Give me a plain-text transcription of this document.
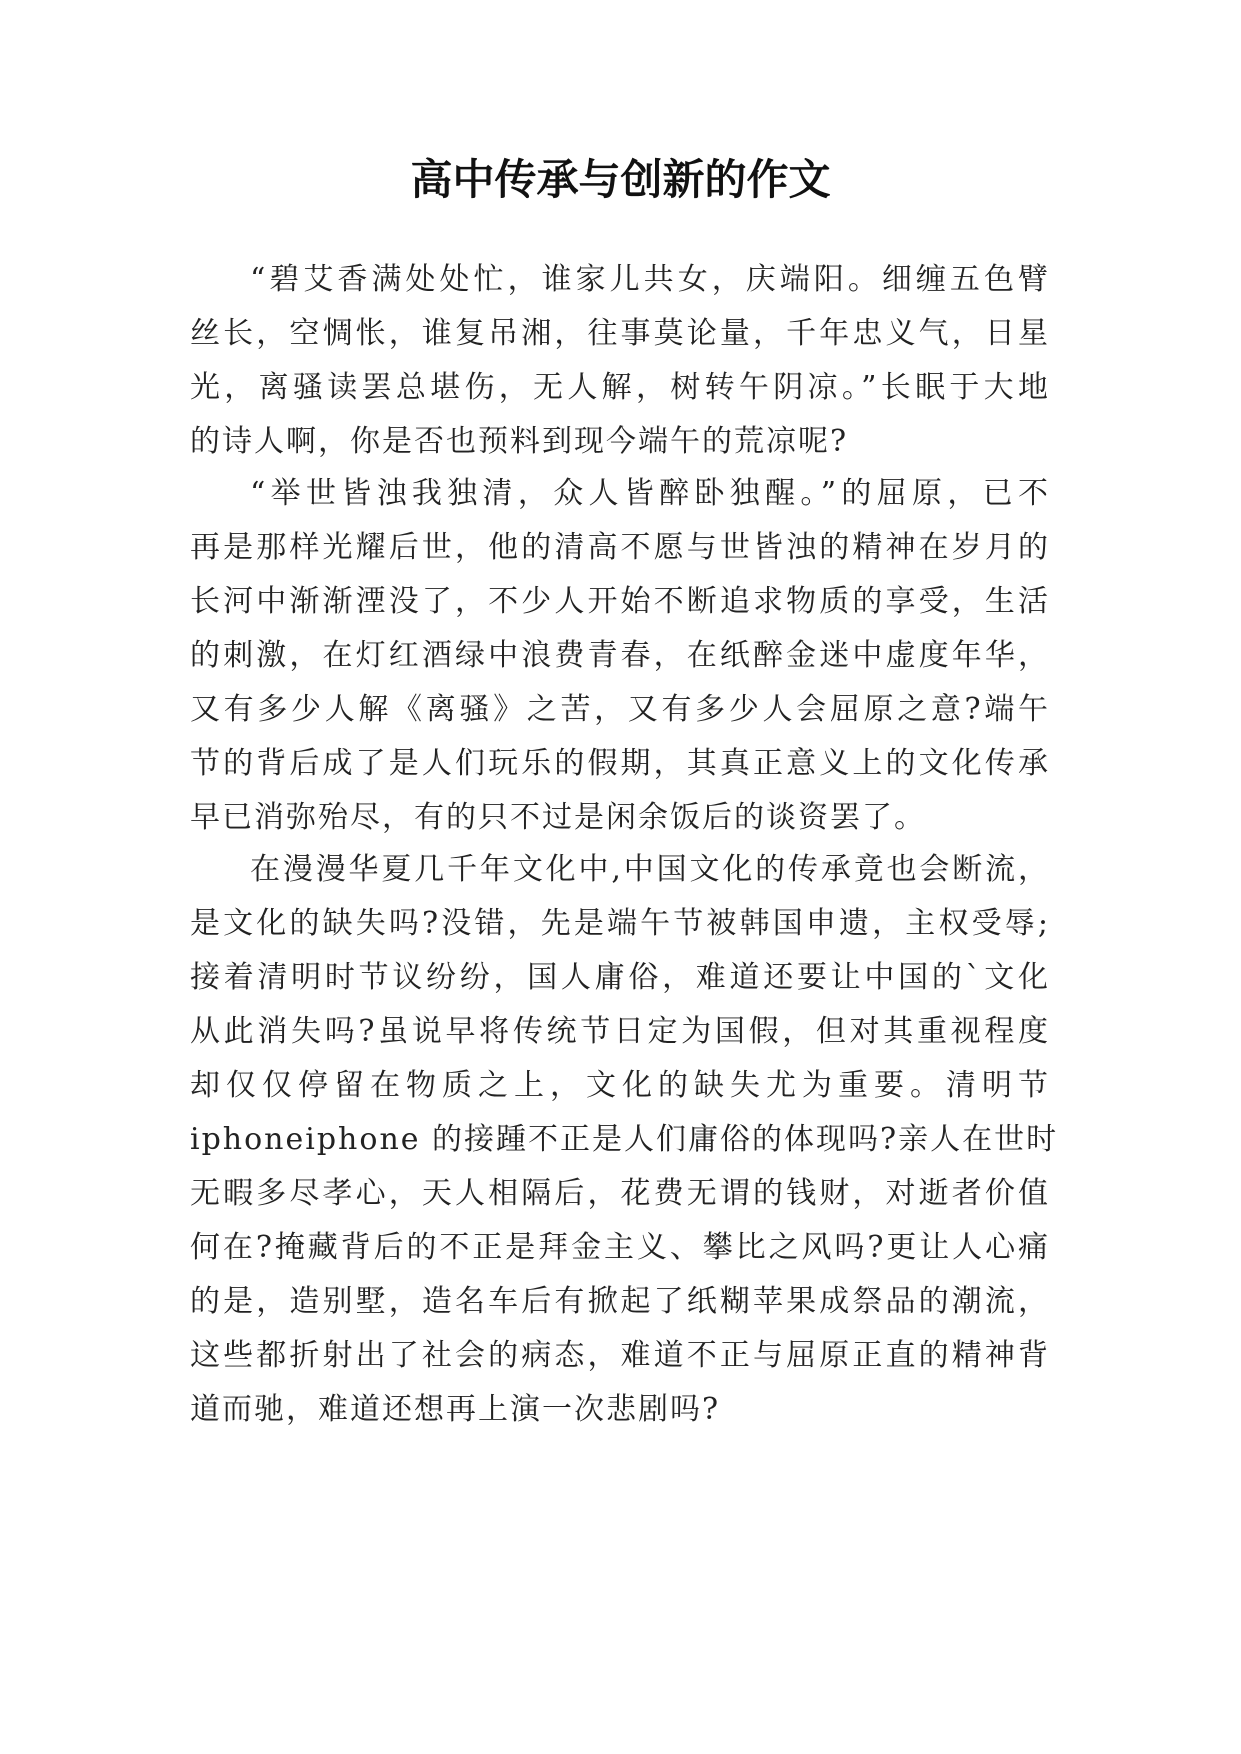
高中传承与创新的作文

“碧艾香满处处忙，谁家儿共女，庆端阳。细缠五色臂

丝长，空惆怅，谁复吊湘，往事莫论量，千年忠义气，日星

光，离骚读罢总堪伤，无人解，树转午阴凉。”长眠于大地

的诗人啊，你是否也预料到现今端午的荒凉呢?

“举世皆浊我独清，众人皆醉卧独醒。”的屈原，已不

再是那样光耀后世，他的清高不愿与世皆浊的精神在岁月的

长河中渐渐湮没了，不少人开始不断追求物质的享受，生活

的刺激，在灯红酒绿中浪费青春，在纸醉金迷中虚度年华，

又有多少人解《离骚》之苦，又有多少人会屈原之意?端午

节的背后成了是人们玩乐的假期，其真正意义上的文化传承

早已消弥殆尽，有的只不过是闲余饭后的谈资罢了。

在漫漫华夏几千年文化中,中国文化的传承竟也会断流，

是文化的缺失吗?没错，先是端午节被韩国申遗，主权受辱;

接着清明时节议纷纷，国人庸俗，难道还要让中国的`文化

从此消失吗?虽说早将传统节日定为国假，但对其重视程度

却仅仅停留在物质之上，文化的缺失尤为重要。清明节

iphoneiphone 的接踵不正是人们庸俗的体现吗?亲人在世时

无暇多尽孝心，天人相隔后，花费无谓的钱财，对逝者价值

何在?掩藏背后的不正是拜金主义、攀比之风吗?更让人心痛

的是，造别墅，造名车后有掀起了纸糊苹果成祭品的潮流，

这些都折射出了社会的病态，难道不正与屈原正直的精神背

道而驰，难道还想再上演一次悲剧吗?
